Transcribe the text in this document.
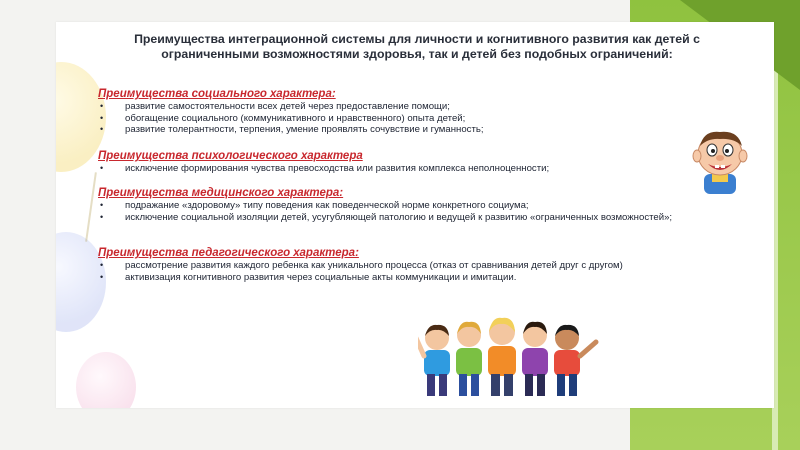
Преимущества интеграционной системы для личности и когнитивного развития как детей с ограниченными возможностями здоровья, так и детей без подобных ограничений:
Преимущества социального характера:
• развитие самостоятельности всех детей через предоставление помощи;
• обогащение социального (коммуникативного и нравственного) опыта детей;
• развитие толерантности, терпения, умение проявлять сочувствие и гуманность;
Преимущества психологического характера
• исключение формирования чувства превосходства или развития комплекса неполноценности;
Преимущества медицинского характера:
• подражание «здоровому» типу поведения как поведенческой норме конкретного социума;
• исключение социальной изоляции детей, усугубляющей патологию и ведущей к развитию «ограниченных возможностей»;
Преимущества педагогического характера:
• рассмотрение развития каждого ребенка как уникального процесса (отказ от сравнивания детей друг с другом)
• активизация когнитивного развития через социальные акты коммуникации и имитации.
